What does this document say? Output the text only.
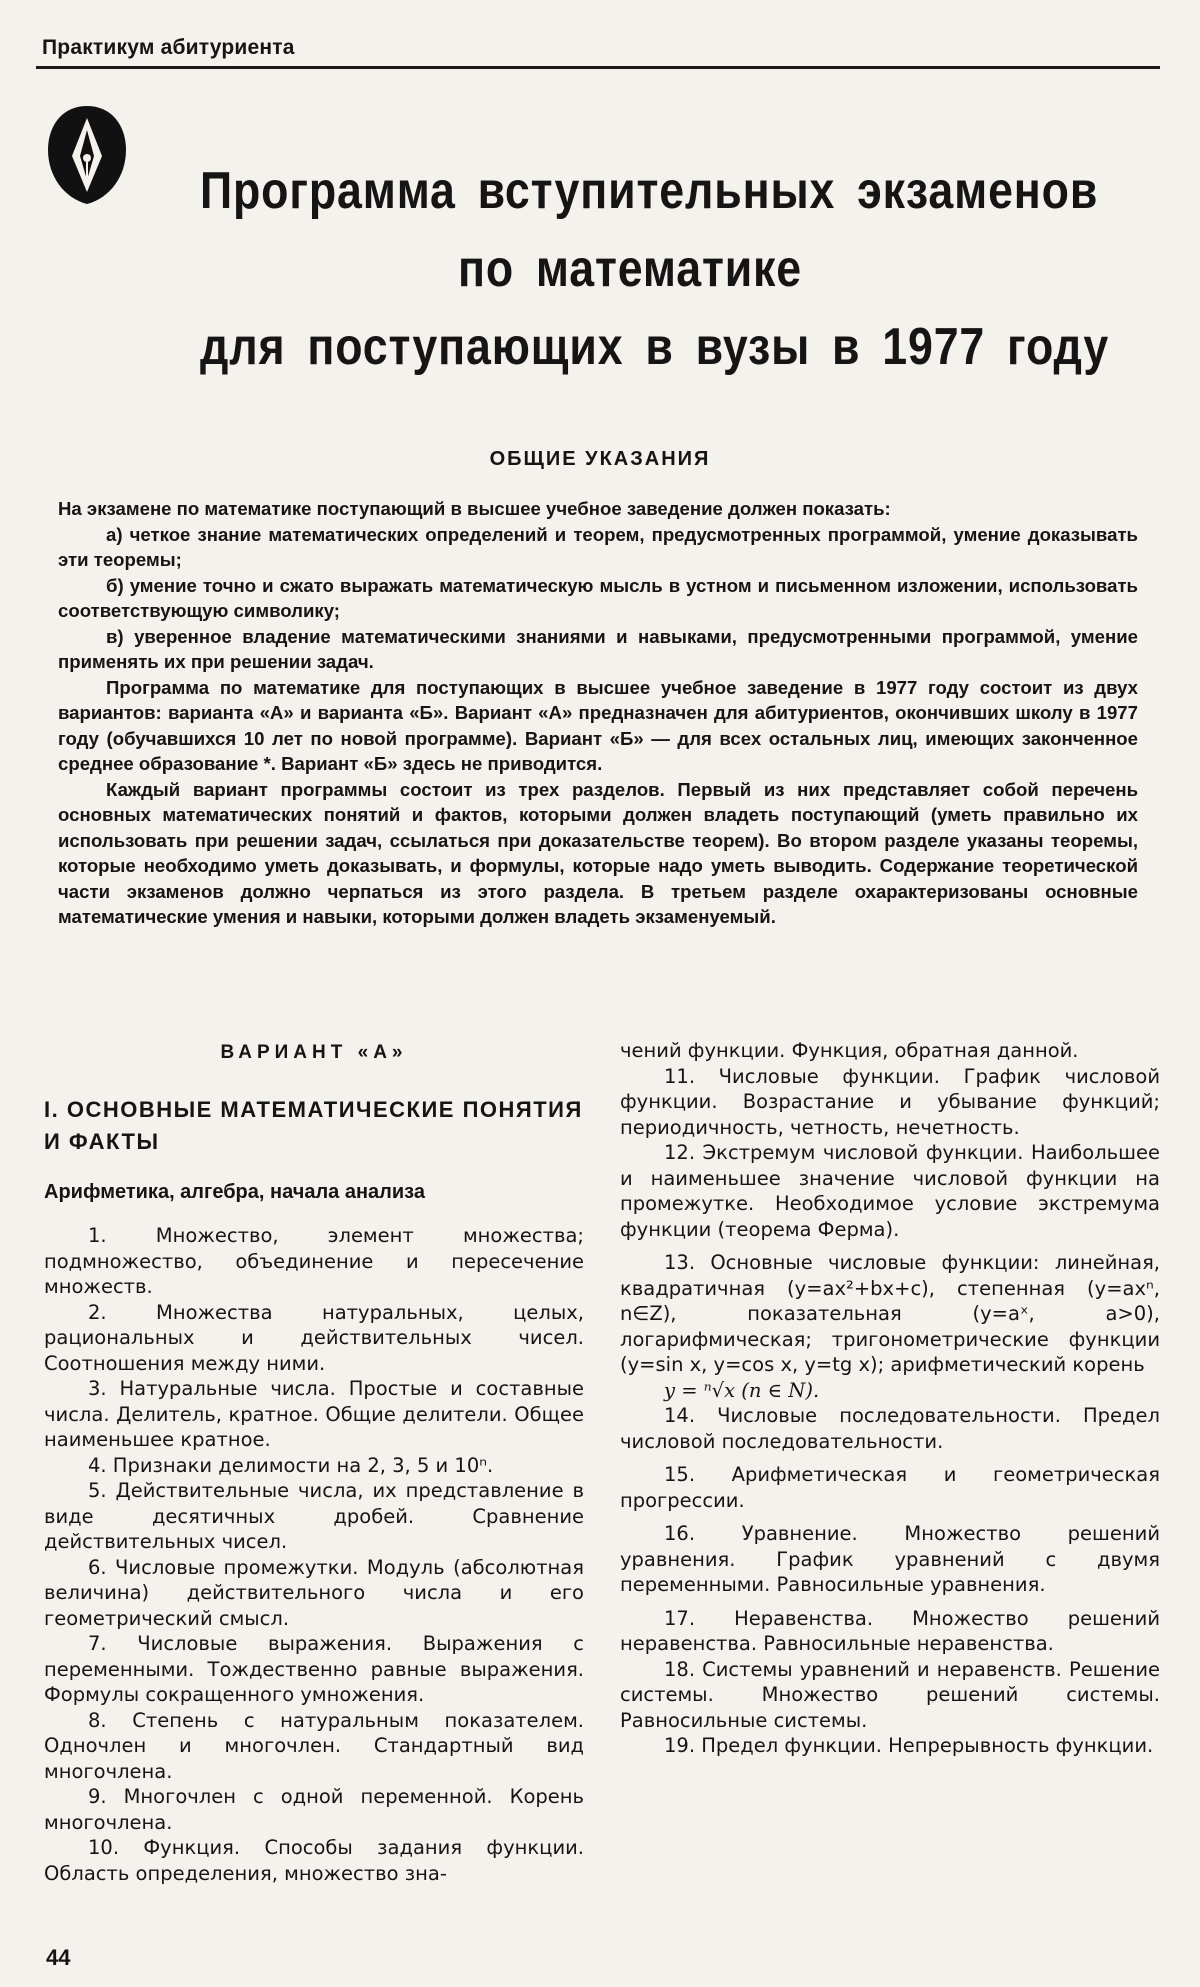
Практикум абитуриента
Программа вступительных экзаменов
по математике
для поступающих в вузы в 1977 году
ОБЩИЕ УКАЗАНИЯ

На экзамене по математике поступающий в высшее учебное заведение должен показать:

а) четкое знание математических определений и теорем, предусмотренных программой, умение доказывать эти теоремы;

б) умение точно и сжато выражать математическую мысль в устном и письменном изложении, использовать соответствующую символику;

в) уверенное владение математическими знаниями и навыками, предусмотренными программой, умение применять их при решении задач.

Программа по математике для поступающих в высшее учебное заведение в 1977 году состоит из двух вариантов: варианта «А» и варианта «Б». Вариант «А» предназначен для абитуриентов, окончивших школу в 1977 году (обучавшихся 10 лет по новой программе). Вариант «Б» — для всех остальных лиц, имеющих законченное среднее образование *. Вариант «Б» здесь не приводится.

Каждый вариант программы состоит из трех разделов. Первый из них представляет собой перечень основных математических понятий и фактов, которыми должен владеть поступающий (уметь правильно их использовать при решении задач, ссылаться при доказательстве теорем). Во втором разделе указаны теоремы, которые необходимо уметь доказывать, и формулы, которые надо уметь выводить. Содержание теоретической части экзаменов должно черпаться из этого раздела. В третьем разделе охарактеризованы основные математические умения и навыки, которыми должен владеть экзаменуемый.

ВАРИАНТ «А»
I. ОСНОВНЫЕ МАТЕМАТИЧЕСКИЕ ПОНЯТИЯ И ФАКТЫ
Арифметика, алгебра, начала анализа

1. Множество, элемент множества; подмножество, объединение и пересечение множеств.

2. Множества натуральных, целых, рациональных и действительных чисел. Соотношения между ними.

3. Натуральные числа. Простые и составные числа. Делитель, кратное. Общие делители. Общее наименьшее кратное.

4. Признаки делимости на 2, 3, 5 и 10ⁿ.

5. Действительные числа, их представление в виде десятичных дробей. Сравнение действительных чисел.

6. Числовые промежутки. Модуль (абсолютная величина) действительного числа и его геометрический смысл.

7. Числовые выражения. Выражения с переменными. Тождественно равные выражения. Формулы сокращенного умножения.

8. Степень с натуральным показателем. Одночлен и многочлен. Стандартный вид многочлена.

9. Многочлен с одной переменной. Корень многочлена.

10. Функция. Способы задания функции. Область определения, множество зна-

чений функции. Функция, обратная данной.

11. Числовые функции. График числовой функции. Возрастание и убывание функций; периодичность, четность, нечетность.

12. Экстремум числовой функции. Наибольшее и наименьшее значение числовой функции на промежутке. Необходимое условие экстремума функции (теорема Ферма).

13. Основные числовые функции: линейная, квадратичная (y=ax²+bx+c), степенная (y=axⁿ, n∈Z), показательная (y=aˣ, a>0), логарифмическая; тригонометрические функции (y=sin x, y=cos x, y=tg x); арифметический корень

y = ⁿ√x (n ∈ N).

14. Числовые последовательности. Предел числовой последовательности.

15. Арифметическая и геометрическая прогрессии.

16. Уравнение. Множество решений уравнения. График уравнений с двумя переменными. Равносильные уравнения.

17. Неравенства. Множество решений неравенства. Равносильные неравенства.

18. Системы уравнений и неравенств. Решение системы. Множество решений системы. Равносильные системы.

19. Предел функции. Непрерывность функции.

44
